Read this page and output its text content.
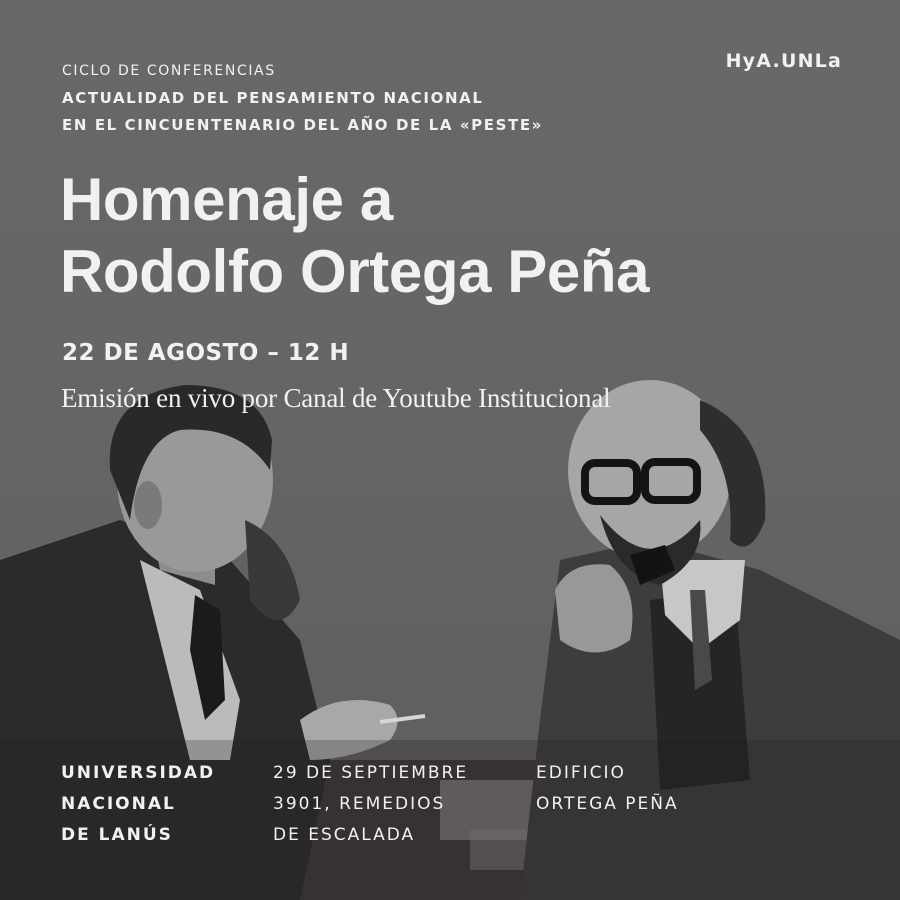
CICLO DE CONFERENCIAS
ACTUALIDAD DEL PENSAMIENTO NACIONAL
EN EL CINCUENTENARIO DEL AÑO DE LA «PESTE»
HyA.UNLa
Homenaje a
Rodolfo Ortega Peña
22 DE AGOSTO – 12 H
Emisión en vivo por Canal de Youtube Institucional
UNIVERSIDAD
NACIONAL
DE LANÚS
29 DE SEPTIEMBRE
3901, REMEDIOS
DE ESCALADA
EDIFICIO
ORTEGA PEÑA
